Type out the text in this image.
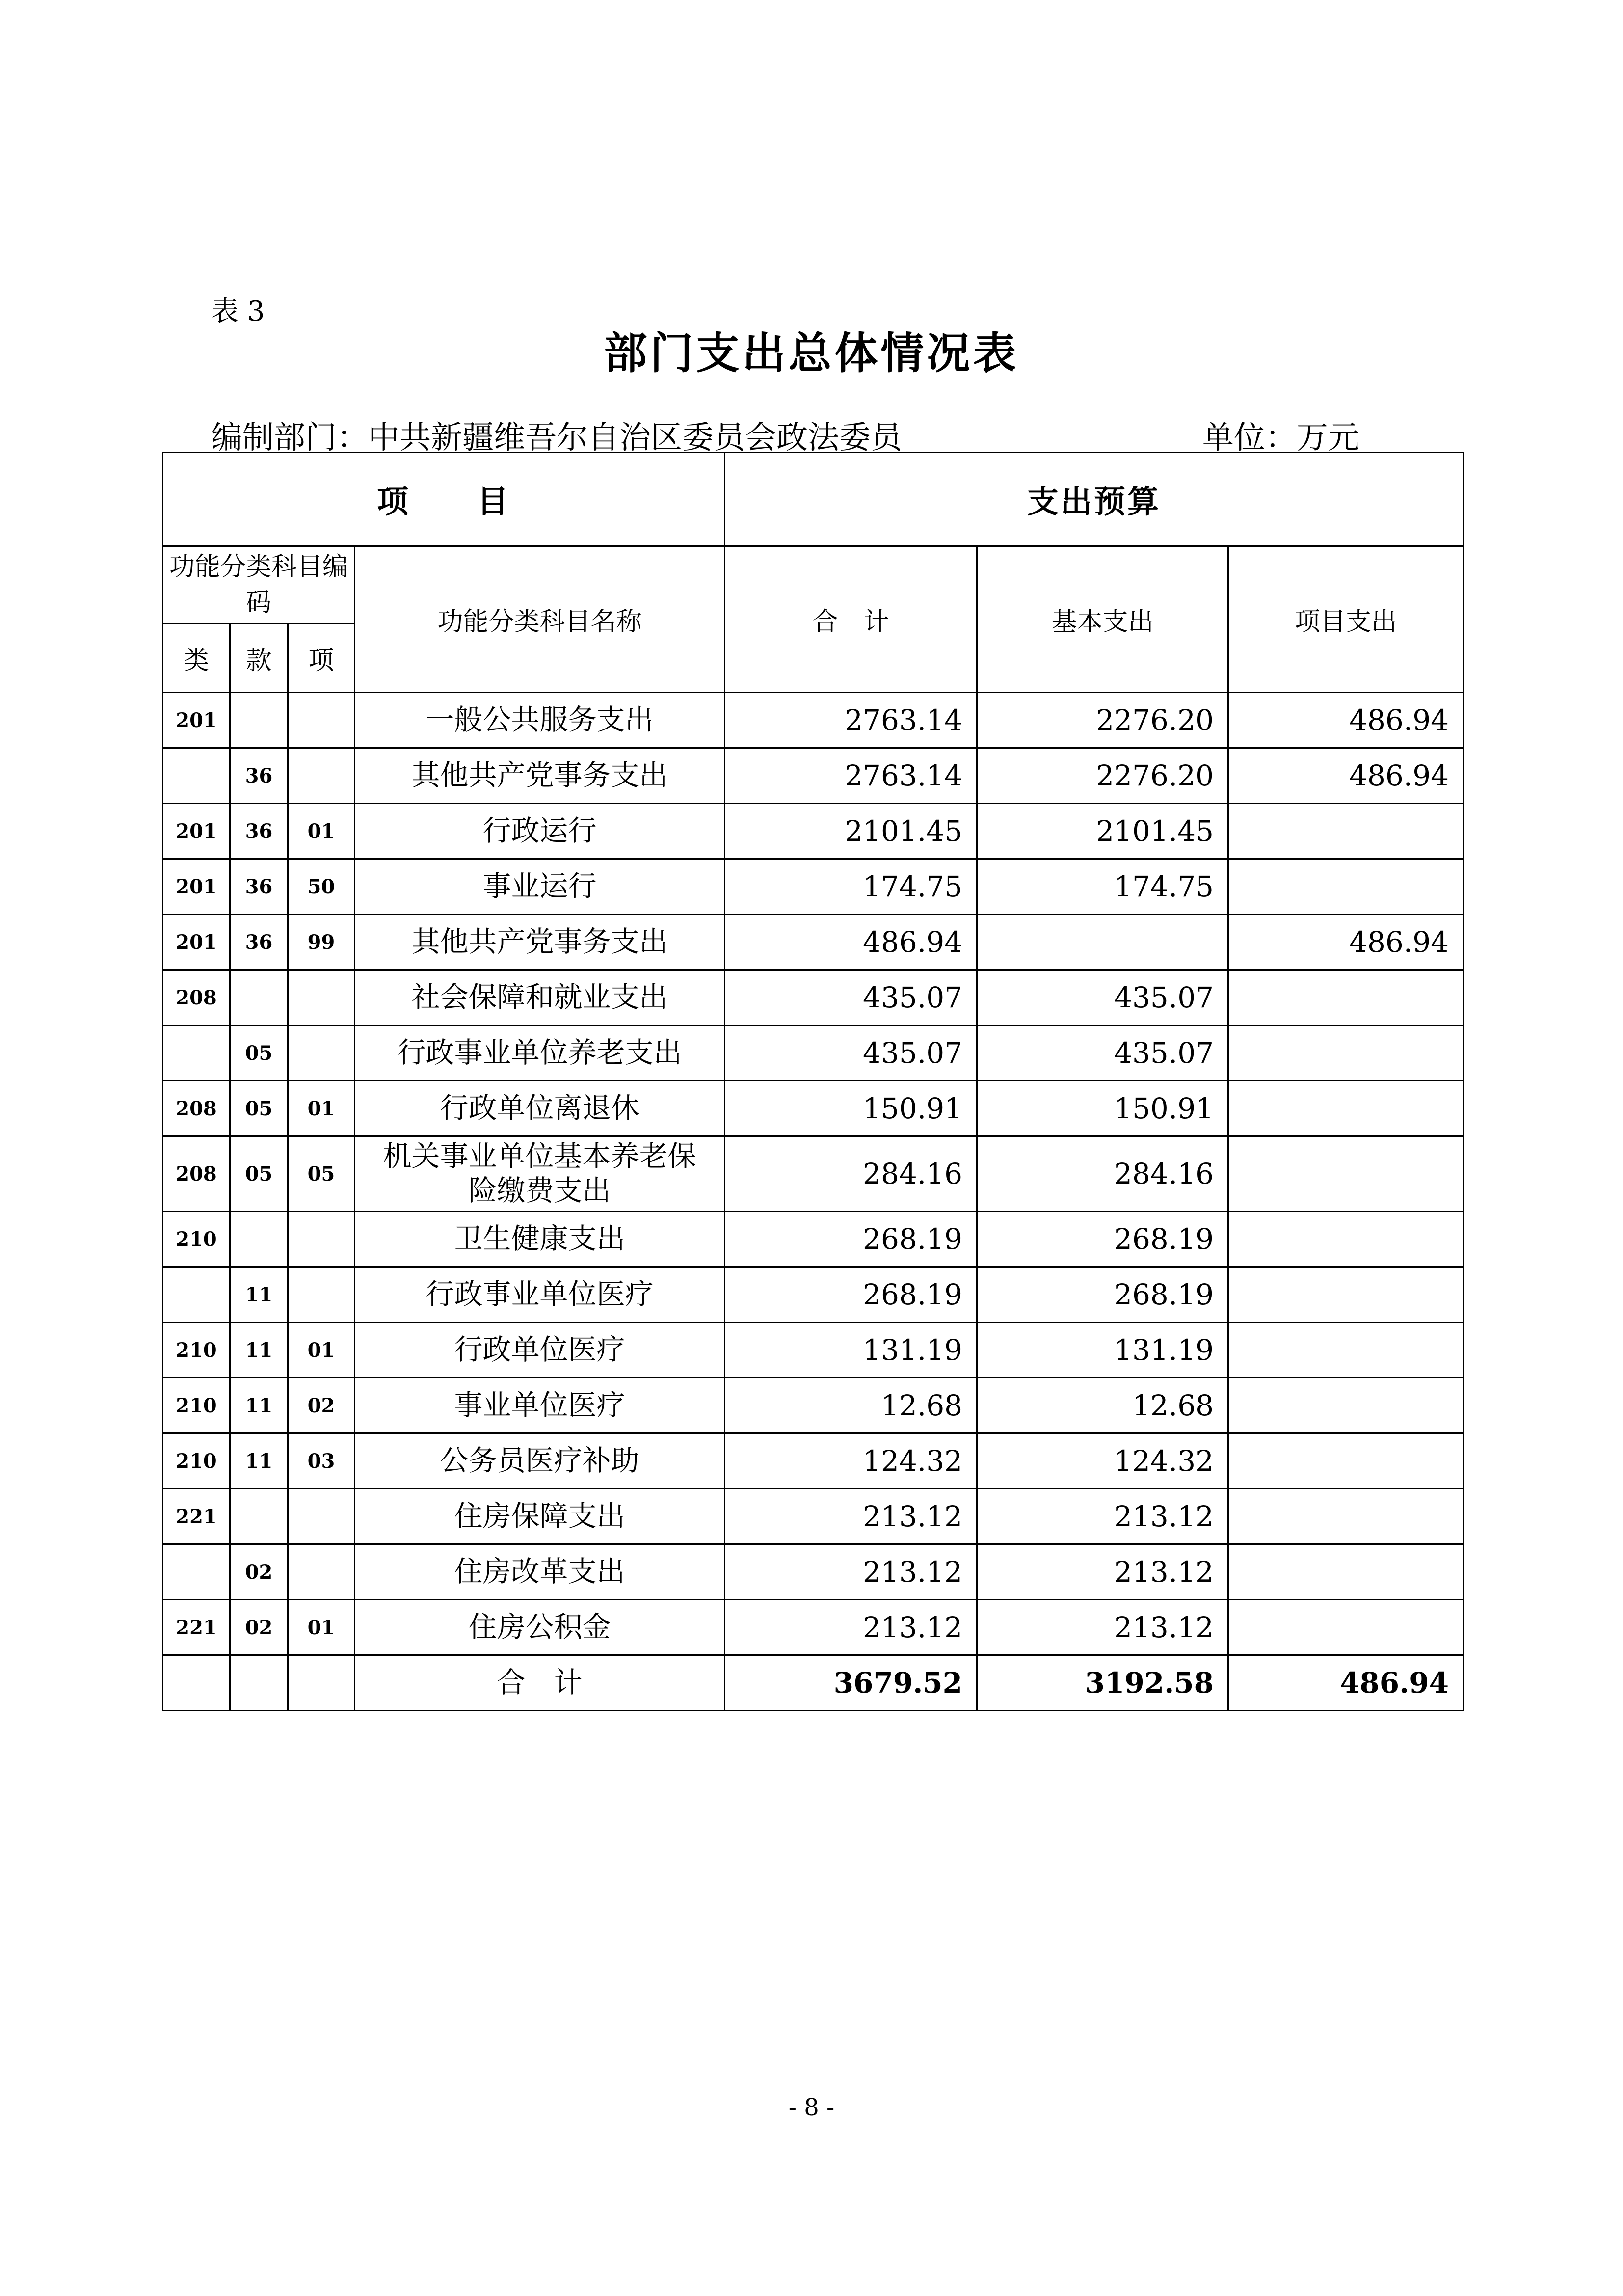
表 3
部门支出总体情况表
编制部门：中共新疆维吾尔自治区委员会政法委员	单位：万元
项　　目				支出预算		
功能分类科目编码			功能分类科目名称	合　计	基本支出	项目支出
类	款	项				
201			一般公共服务支出	2763.14	2276.20	486.94
	36		其他共产党事务支出	2763.14	2276.20	486.94
201	36	01	行政运行	2101.45	2101.45	
201	36	50	事业运行	174.75	174.75	
201	36	99	其他共产党事务支出	486.94		486.94
208			社会保障和就业支出	435.07	435.07	
	05		行政事业单位养老支出	435.07	435.07	
208	05	01	行政单位离退休	150.91	150.91	
208	05	05	机关事业单位基本养老保险缴费支出	284.16	284.16	
210			卫生健康支出	268.19	268.19	
	11		行政事业单位医疗	268.19	268.19	
210	11	01	行政单位医疗	131.19	131.19	
210	11	02	事业单位医疗	12.68	12.68	
210	11	03	公务员医疗补助	124.32	124.32	
221			住房保障支出	213.12	213.12	
	02		住房改革支出	213.12	213.12	
221	02	01	住房公积金	213.12	213.12	
			合　计	3679.52	3192.58	486.94
- 8 -
